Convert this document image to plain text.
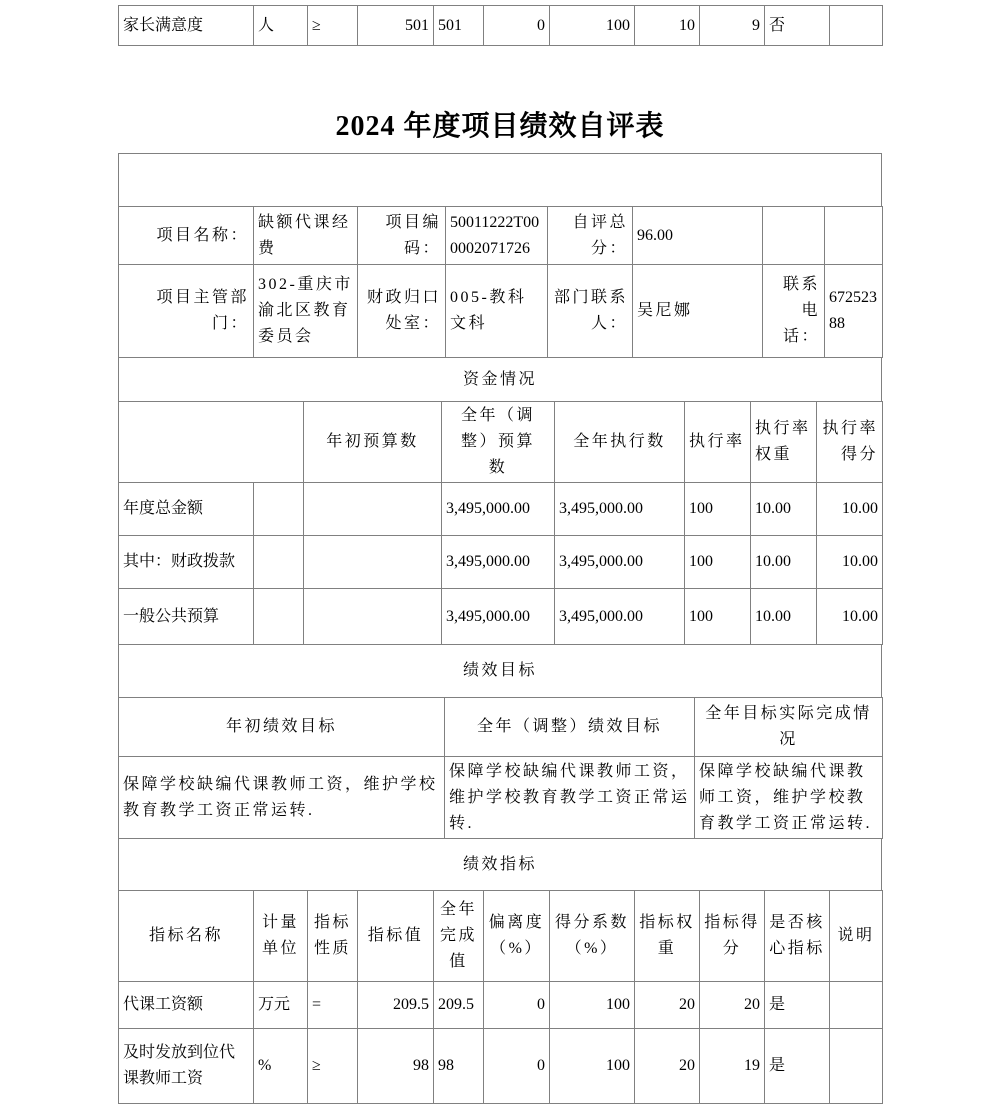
家长满意度	人	≥	501	501	0	100	10	9	否	
2024 年度项目绩效自评表
项目名称：	缺额代课经费	项目编码：	50011222T000002071726	自评总分：	96.00		
项目主管部门：	302-重庆市渝北区教育委员会	财政归口处室：	005-教科文科	部门联系人：	吴尼娜	联系电话：	67252388
资金情况
		年初预算数	全年（调整）预算数	全年执行数	执行率	执行率权重	执行率得分
年度总金额			3,495,000.00	3,495,000.00	100	10.00	10.00
其中：财政拨款			3,495,000.00	3,495,000.00	100	10.00	10.00
一般公共预算			3,495,000.00	3,495,000.00	100	10.00	10.00
绩效目标
年初绩效目标	全年（调整）绩效目标	全年目标实际完成情况
保障学校缺编代课教师工资，维护学校教育教学工资正常运转.	保障学校缺编代课教师工资，维护学校教育教学工资正常运转.	保障学校缺编代课教师工资，维护学校教育教学工资正常运转.
绩效指标
指标名称	计量单位	指标性质	指标值	全年完成值	偏离度（%）	得分系数（%）	指标权重	指标得分	是否核心指标	说明
代课工资额	万元	=	209.5	209.5	0	100	20	20	是	
及时发放到位代课教师工资	%	≥	98	98	0	100	20	19	是	
